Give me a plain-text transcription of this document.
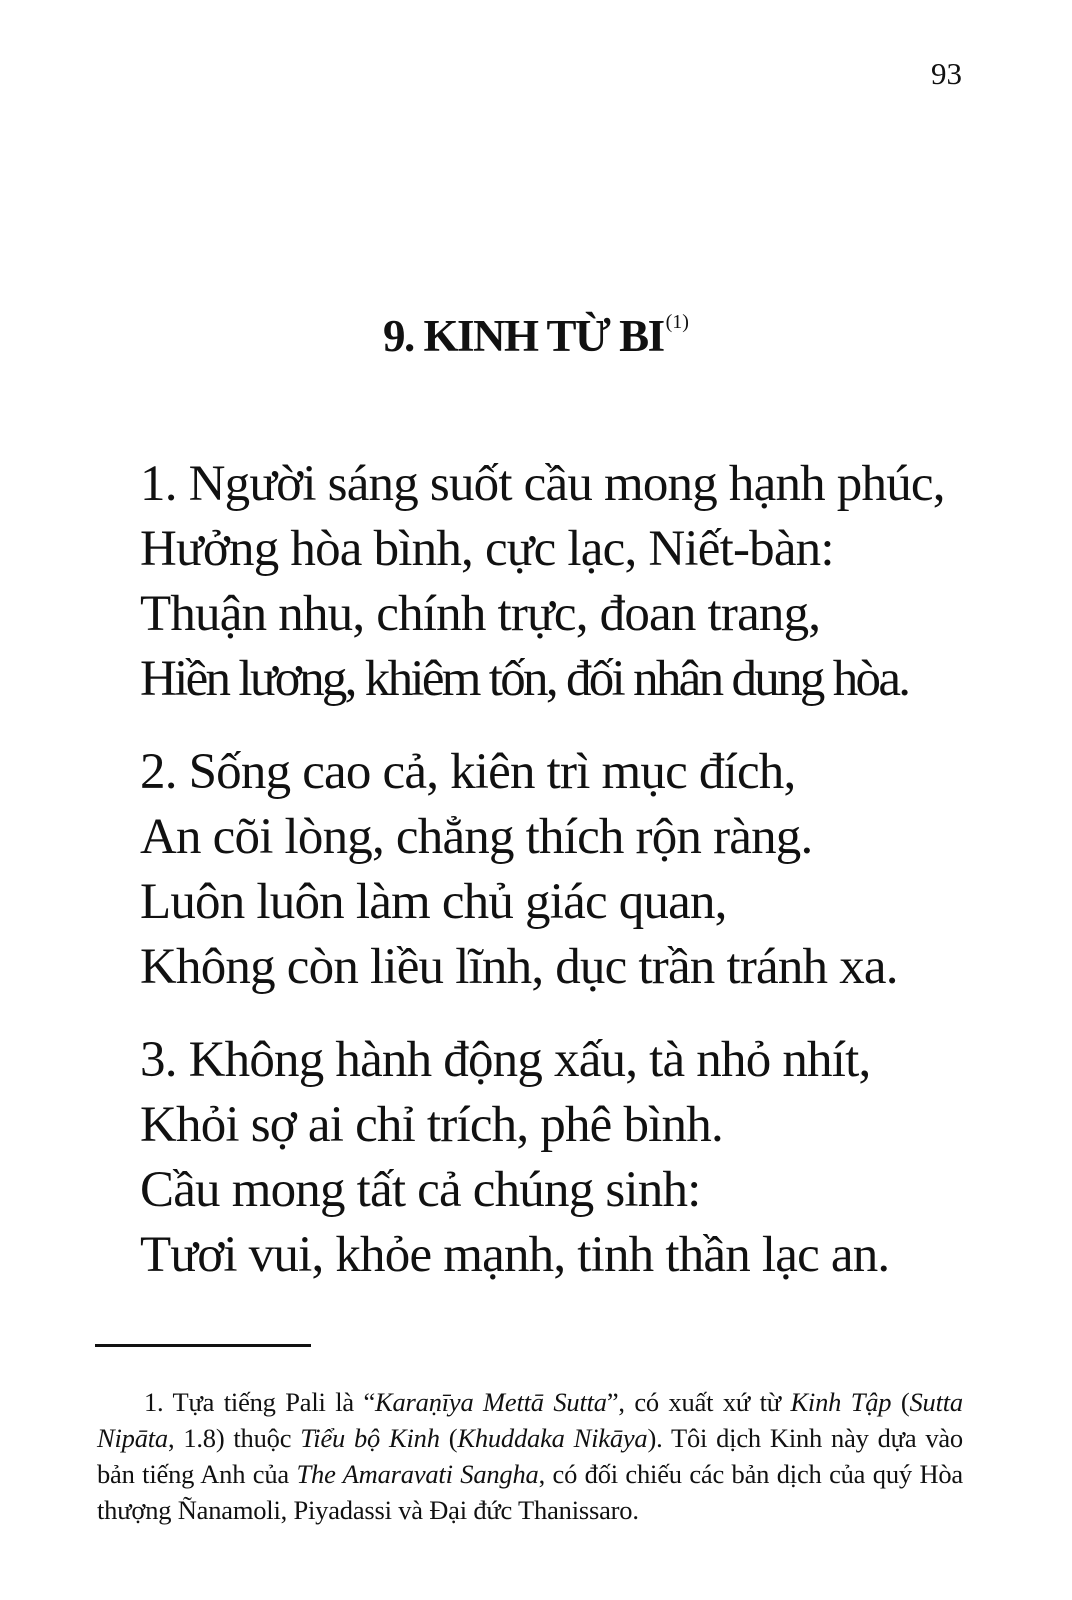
93
9. KINH TỪ BI $^{(1)}$
1. Người sáng suốt cầu mong hạnh phúc,
Hưởng hòa bình, cực lạc, Niết-bàn:
Thuận nhu, chính trực, đoan trang,
Hiền lương, khiêm tốn, đối nhân dung hòa.
2. Sống cao cả, kiên trì mục đích,
An cõi lòng, chẳng thích rộn ràng.
Luôn luôn làm chủ giác quan,
Không còn liều lĩnh, dục trần tránh xa.
3. Không hành động xấu, tà nhỏ nhít,
Khỏi sợ ai chỉ trích, phê bình.
Cầu mong tất cả chúng sinh:
Tươi vui, khỏe mạnh, tinh thần lạc an.

1. Tựa tiếng Pali là “Karaṇīya Mettā Sutta”, có xuất xứ từ Kinh Tập (Sutta Nipāta, 1.8) thuộc Tiểu bộ Kinh (Khuddaka Nikāya). Tôi dịch Kinh này dựa vào bản tiếng Anh của The Amaravati Sangha, có đối chiếu các bản dịch của quý Hòa thượng Ñanamoli, Piyadassi và Đại đức Thanissaro.
